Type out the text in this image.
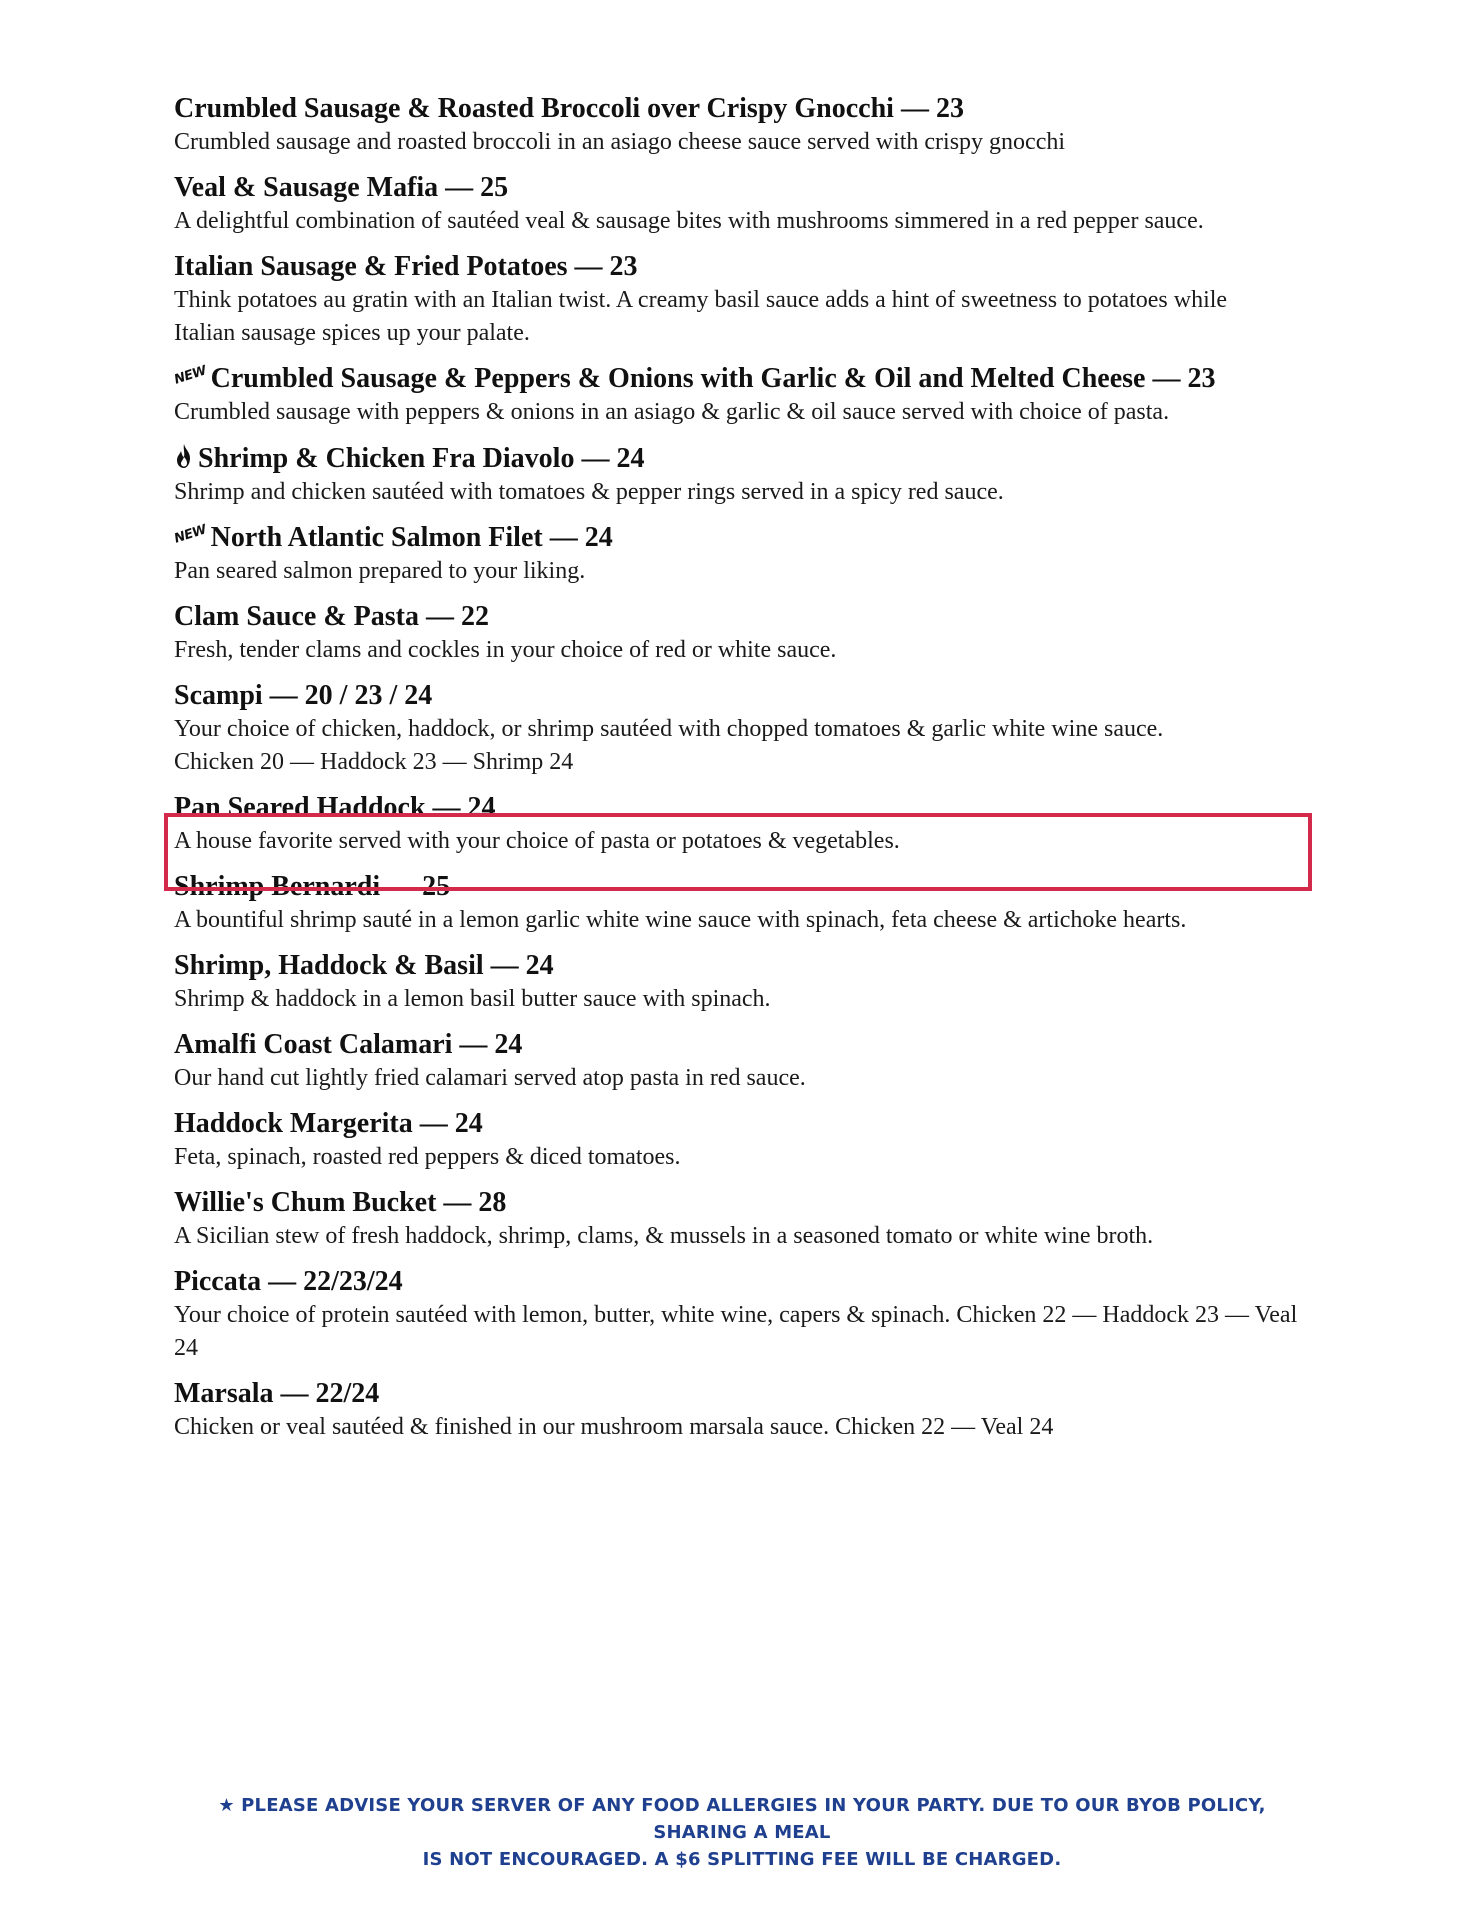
Crumbled Sausage & Roasted Broccoli over Crispy Gnocchi — 23
Crumbled sausage and roasted broccoli in an asiago cheese sauce served with crispy gnocchi
Veal & Sausage Mafia — 25
A delightful combination of sautéed veal & sausage bites with mushrooms simmered in a red pepper sauce.
Italian Sausage & Fried Potatoes — 23
Think potatoes au gratin with an Italian twist. A creamy basil sauce adds a hint of sweetness to potatoes while Italian sausage spices up your palate.
NEW Crumbled Sausage & Peppers & Onions with Garlic & Oil and Melted Cheese — 23
Crumbled sausage with peppers & onions in an asiago & garlic & oil sauce served with choice of pasta.
Shrimp & Chicken Fra Diavolo — 24
Shrimp and chicken sautéed with tomatoes & pepper rings served in a spicy red sauce.
NEW North Atlantic Salmon Filet — 24
Pan seared salmon prepared to your liking.
Clam Sauce & Pasta — 22
Fresh, tender clams and cockles in your choice of red or white sauce.
Scampi — 20 / 23 / 24
Your choice of chicken, haddock, or shrimp sautéed with chopped tomatoes & garlic white wine sauce.
Chicken 20 — Haddock 23 — Shrimp 24
Pan Seared Haddock — 24
A house favorite served with your choice of pasta or potatoes & vegetables.
Shrimp Bernardi — 25
A bountiful shrimp sauté in a lemon garlic white wine sauce with spinach, feta cheese & artichoke hearts.
Shrimp, Haddock & Basil — 24
Shrimp & haddock in a lemon basil butter sauce with spinach.
Amalfi Coast Calamari — 24
Our hand cut lightly fried calamari served atop pasta in red sauce.
Haddock Margerita — 24
Feta, spinach, roasted red peppers & diced tomatoes.
Willie's Chum Bucket — 28
A Sicilian stew of fresh haddock, shrimp, clams, & mussels in a seasoned tomato or white wine broth.
Piccata — 22/23/24
Your choice of protein sautéed with lemon, butter, white wine, capers & spinach. Chicken 22 — Haddock 23 — Veal 24
Marsala — 22/24
Chicken or veal sautéed & finished in our mushroom marsala sauce. Chicken 22 — Veal 24
★ PLEASE ADVISE YOUR SERVER OF ANY FOOD ALLERGIES IN YOUR PARTY. DUE TO OUR BYOB POLICY, SHARING A MEAL
IS NOT ENCOURAGED. A $6 SPLITTING FEE WILL BE CHARGED.
